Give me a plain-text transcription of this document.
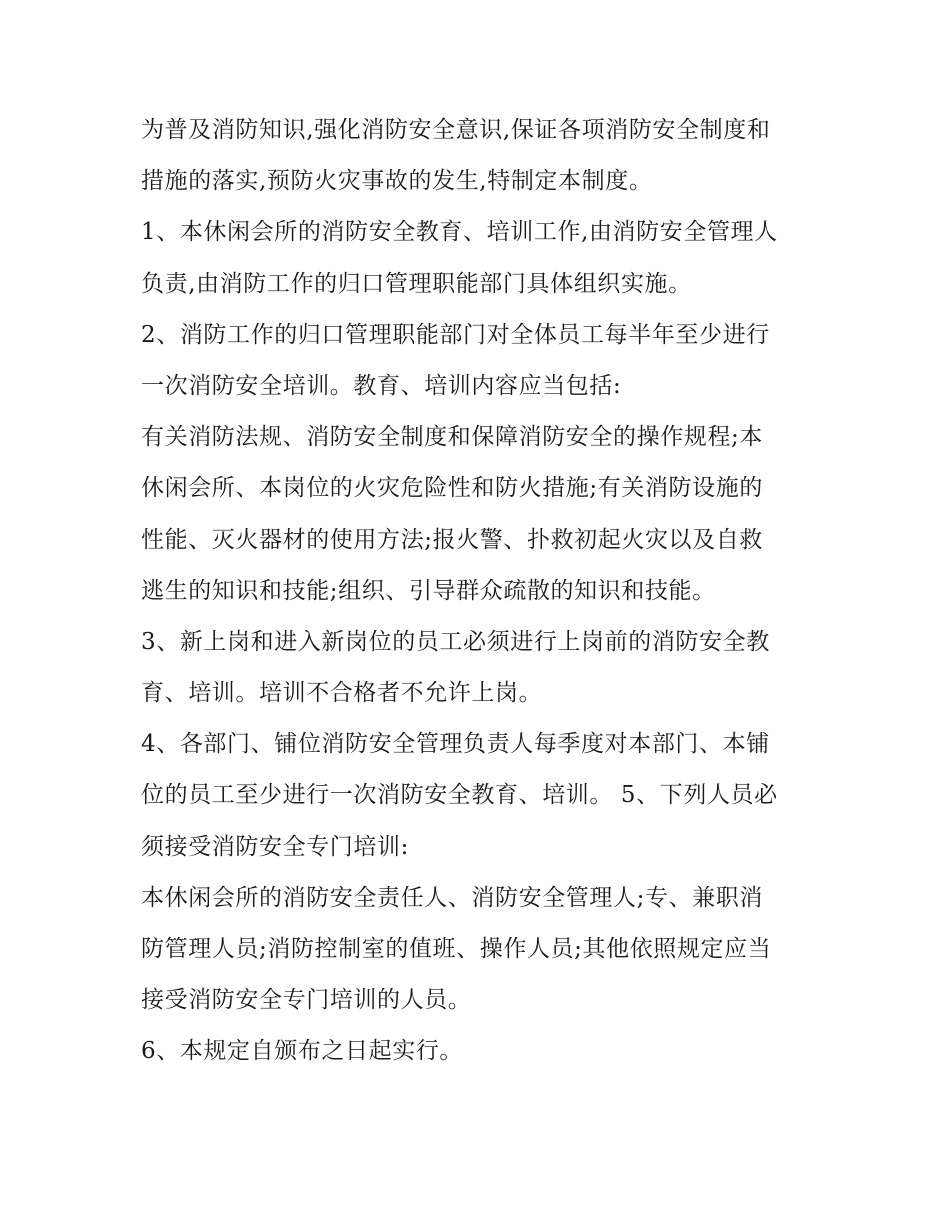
为普及消防知识,强化消防安全意识,保证各项消防安全制度和
措施的落实,预防火灾事故的发生,特制定本制度。
1、本休闲会所的消防安全教育、培训工作,由消防安全管理人
负责,由消防工作的归口管理职能部门具体组织实施。
2、消防工作的归口管理职能部门对全体员工每半年至少进行
一次消防安全培训。教育、培训内容应当包括:
有关消防法规、消防安全制度和保障消防安全的操作规程;本
休闲会所、本岗位的火灾危险性和防火措施;有关消防设施的
性能、灭火器材的使用方法;报火警、扑救初起火灾以及自救
逃生的知识和技能;组织、引导群众疏散的知识和技能。
3、新上岗和进入新岗位的员工必须进行上岗前的消防安全教
育、培训。培训不合格者不允许上岗。
4、各部门、铺位消防安全管理负责人每季度对本部门、本铺
位的员工至少进行一次消防安全教育、培训。 5、下列人员必
须接受消防安全专门培训:
本休闲会所的消防安全责任人、消防安全管理人;专、兼职消
防管理人员;消防控制室的值班、操作人员;其他依照规定应当
接受消防安全专门培训的人员。
6、本规定自颁布之日起实行。
